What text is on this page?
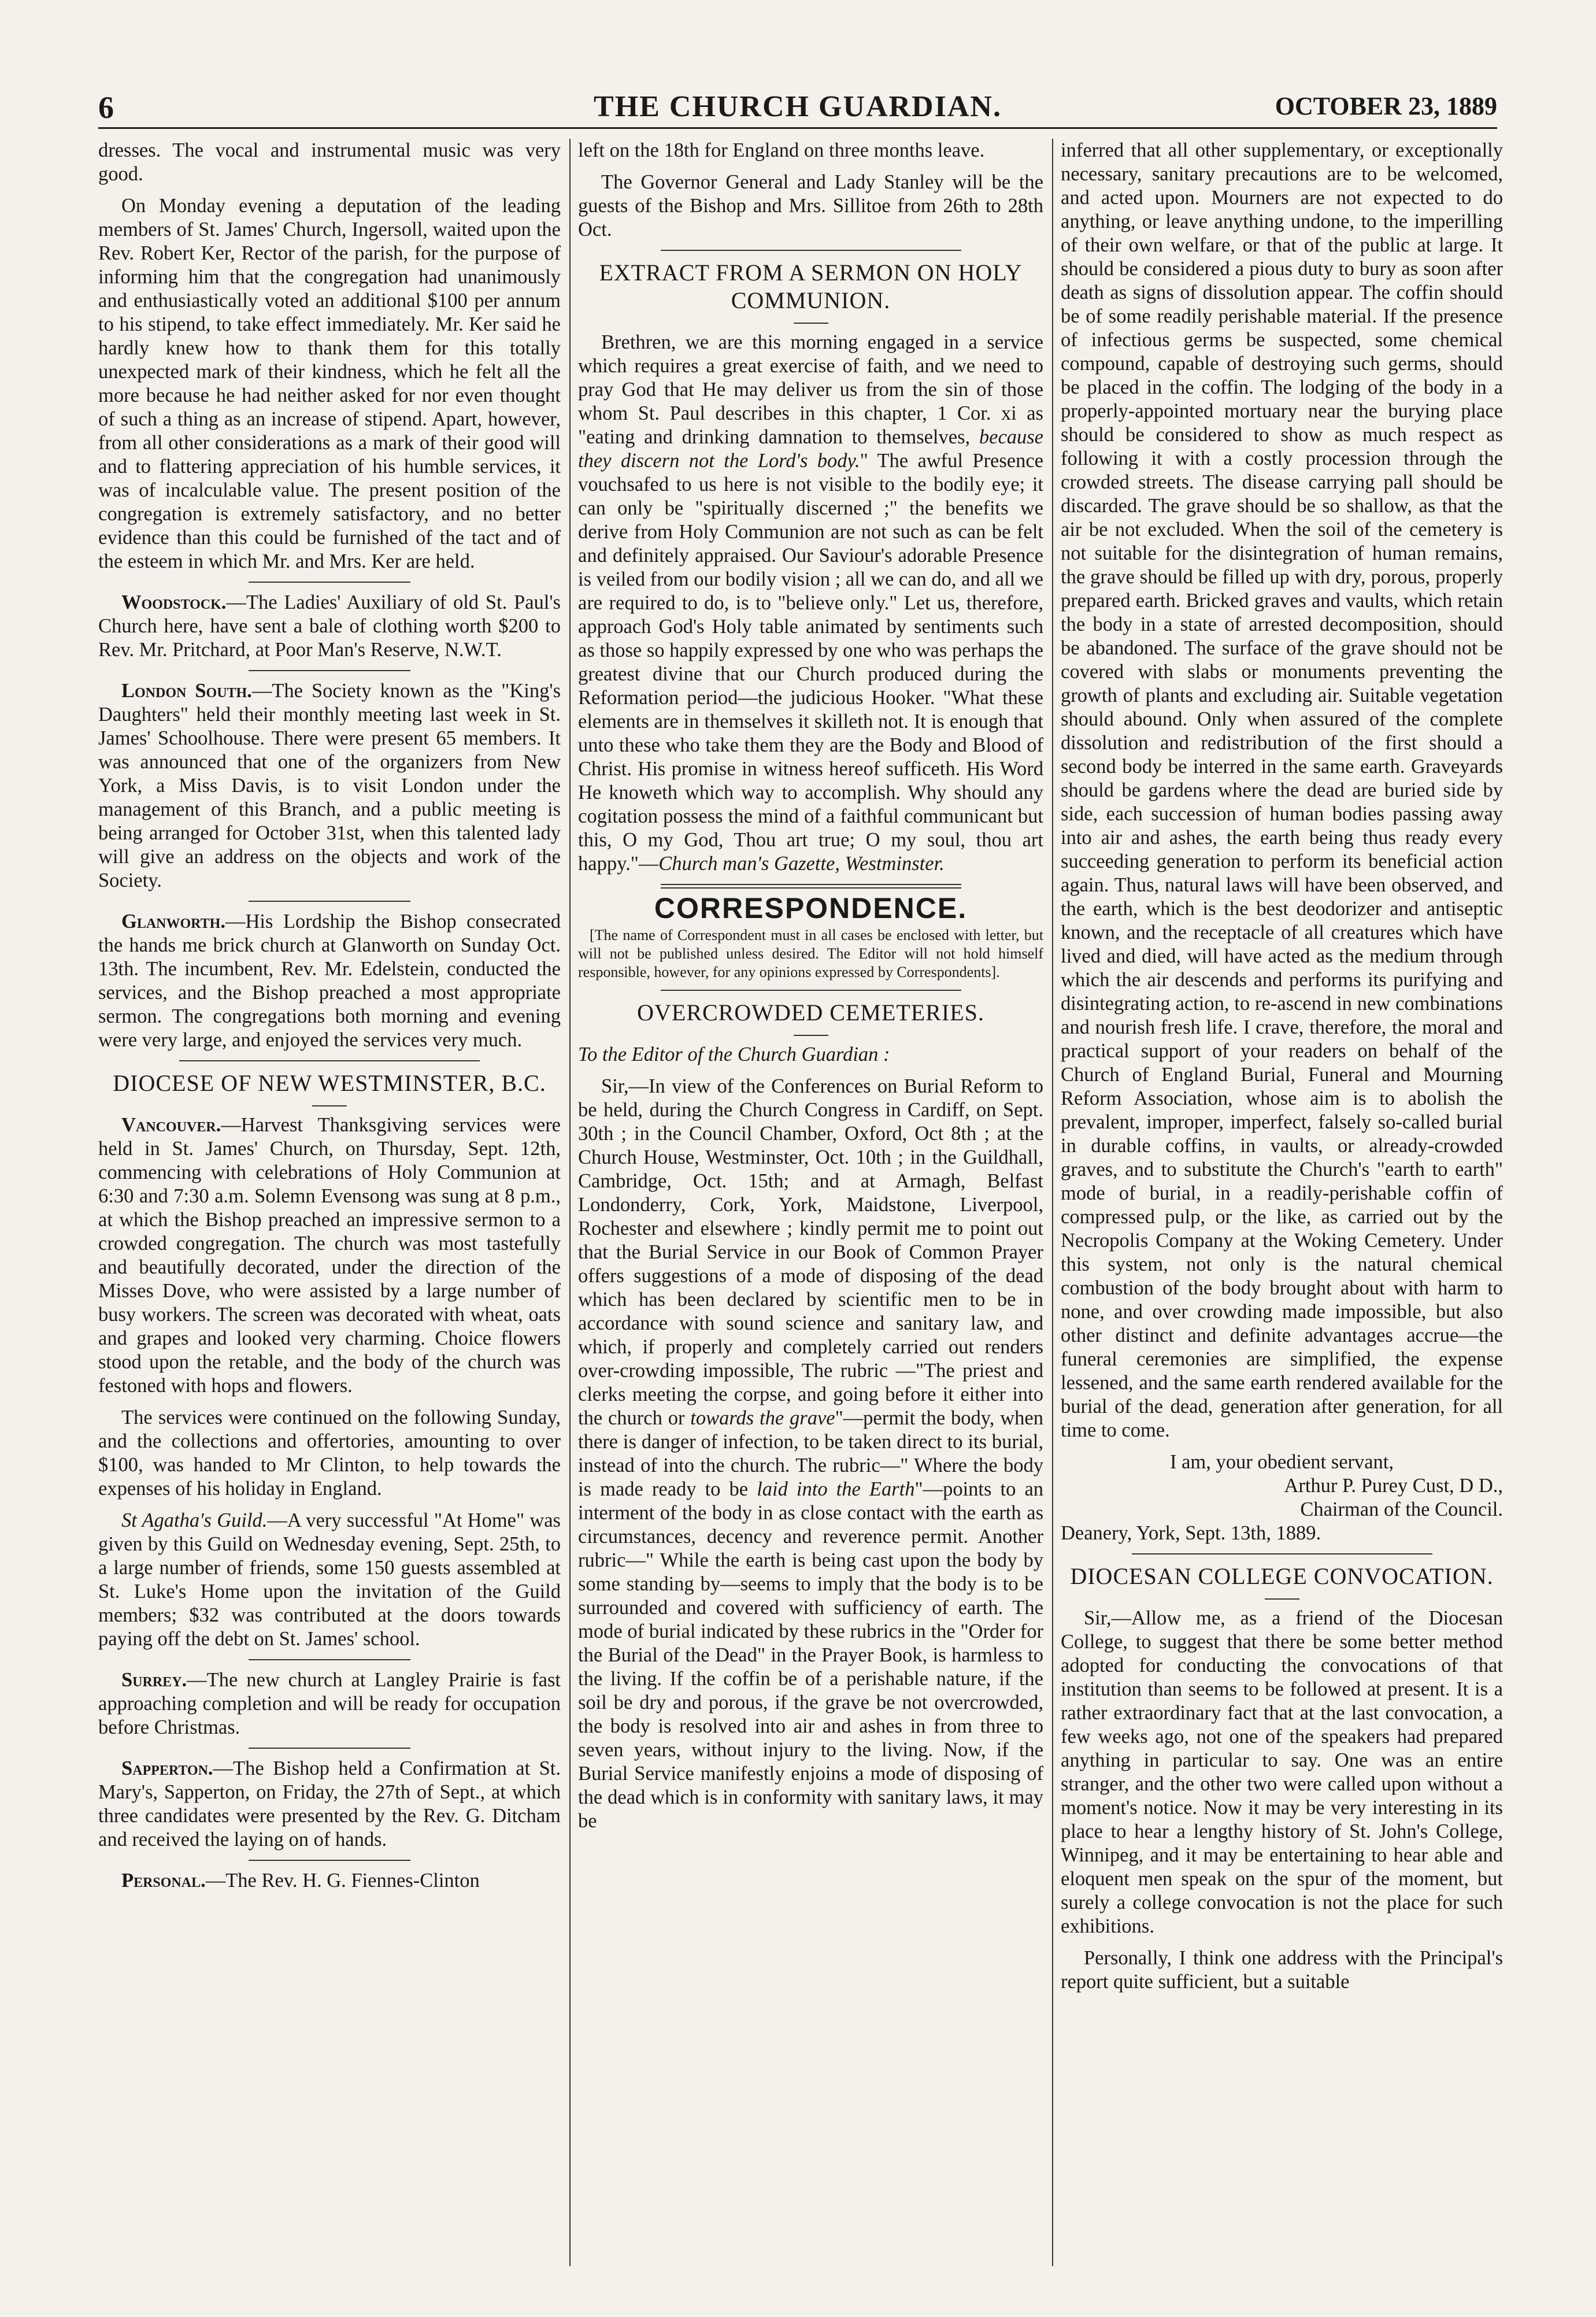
6	THE CHURCH GUARDIAN.	OCTOBER 23, 1889

dresses. The vocal and instrumental music was very good.

On Monday evening a deputation of the leading members of St. James' Church, Ingersoll, waited upon the Rev. Robert Ker, Rector of the parish, for the purpose of informing him that the congregation had unanimously and enthusiastically voted an additional $100 per annum to his stipend, to take effect immediately. Mr. Ker said he hardly knew how to thank them for this totally unexpected mark of their kindness, which he felt all the more because he had neither asked for nor even thought of such a thing as an increase of stipend. Apart, however, from all other considerations as a mark of their good will and to flattering appreciation of his humble services, it was of incalculable value. The present position of the congregation is extremely satisfactory, and no better evidence than this could be furnished of the tact and of the esteem in which Mr. and Mrs. Ker are held.

Woodstock.—The Ladies' Auxiliary of old St. Paul's Church here, have sent a bale of clothing worth $200 to Rev. Mr. Pritchard, at Poor Man's Reserve, N.W.T.

London South.—The Society known as the "King's Daughters" held their monthly meeting last week in St. James' Schoolhouse. There were present 65 members. It was announced that one of the organizers from New York, a Miss Davis, is to visit London under the management of this Branch, and a public meeting is being arranged for October 31st, when this talented lady will give an address on the objects and work of the Society.

Glanworth.—His Lordship the Bishop consecrated the hands me brick church at Glanworth on Sunday Oct. 13th. The incumbent, Rev. Mr. Edelstein, conducted the services, and the Bishop preached a most appropriate sermon. The congregations both morning and evening were very large, and enjoyed the services very much.

DIOCESE OF NEW WESTMINSTER, B.C.

Vancouver.—Harvest Thanksgiving services were held in St. James' Church, on Thursday, Sept. 12th, commencing with celebrations of Holy Communion at 6:30 and 7:30 a.m. Solemn Evensong was sung at 8 p.m., at which the Bishop preached an impressive sermon to a crowded congregation. The church was most tastefully and beautifully decorated, under the direction of the Misses Dove, who were assisted by a large number of busy workers. The screen was decorated with wheat, oats and grapes and looked very charming. Choice flowers stood upon the retable, and the body of the church was festoned with hops and flowers.

The services were continued on the following Sunday, and the collections and offertories, amounting to over $100, was handed to Mr Clinton, to help towards the expenses of his holiday in England.

St Agatha's Guild.—A very successful "At Home" was given by this Guild on Wednesday evening, Sept. 25th, to a large number of friends, some 150 guests assembled at St. Luke's Home upon the invitation of the Guild members; $32 was contributed at the doors towards paying off the debt on St. James' school.

Surrey.—The new church at Langley Prairie is fast approaching completion and will be ready for occupation before Christmas.

Sapperton.—The Bishop held a Confirmation at St. Mary's, Sapperton, on Friday, the 27th of Sept., at which three candidates were presented by the Rev. G. Ditcham and received the laying on of hands.

Personal.—The Rev. H. G. Fiennes-Clinton

left on the 18th for England on three months leave.

The Governor General and Lady Stanley will be the guests of the Bishop and Mrs. Sillitoe from 26th to 28th Oct.

EXTRACT FROM A SERMON ON HOLY COMMUNION.

Brethren, we are this morning engaged in a service which requires a great exercise of faith, and we need to pray God that He may deliver us from the sin of those whom St. Paul describes in this chapter, 1 Cor. xi as "eating and drinking damnation to themselves, because they discern not the Lord's body." The awful Presence vouchsafed to us here is not visible to the bodily eye; it can only be "spiritually discerned ;" the benefits we derive from Holy Communion are not such as can be felt and definitely appraised. Our Saviour's adorable Presence is veiled from our bodily vision ; all we can do, and all we are required to do, is to "believe only." Let us, therefore, approach God's Holy table animated by sentiments such as those so happily expressed by one who was perhaps the greatest divine that our Church produced during the Reformation period—the judicious Hooker. "What these elements are in themselves it skilleth not. It is enough that unto these who take them they are the Body and Blood of Christ. His promise in witness hereof sufficeth. His Word He knoweth which way to accomplish. Why should any cogitation possess the mind of a faithful communicant but this, O my God, Thou art true; O my soul, thou art happy."—Church man's Gazette, Westminster.

CORRESPONDENCE.

[The name of Correspondent must in all cases be enclosed with letter, but will not be published unless desired. The Editor will not hold himself responsible, however, for any opinions expressed by Correspondents].

OVERCROWDED CEMETERIES.

To the Editor of the Church Guardian :

Sir,—In view of the Conferences on Burial Reform to be held, during the Church Congress in Cardiff, on Sept. 30th ; in the Council Chamber, Oxford, Oct 8th ; at the Church House, Westminster, Oct. 10th ; in the Guildhall, Cambridge, Oct. 15th; and at Armagh, Belfast Londonderry, Cork, York, Maidstone, Liverpool, Rochester and elsewhere ; kindly permit me to point out that the Burial Service in our Book of Common Prayer offers suggestions of a mode of disposing of the dead which has been declared by scientific men to be in accordance with sound science and sanitary law, and which, if properly and completely carried out renders over-crowding impossible, The rubric —"The priest and clerks meeting the corpse, and going before it either into the church or towards the grave"—permit the body, when there is danger of infection, to be taken direct to its burial, instead of into the church. The rubric—" Where the body is made ready to be laid into the Earth"—points to an interment of the body in as close contact with the earth as circumstances, decency and reverence permit. Another rubric—" While the earth is being cast upon the body by some standing by—seems to imply that the body is to be surrounded and covered with sufficiency of earth. The mode of burial indicated by these rubrics in the "Order for the Burial of the Dead" in the Prayer Book, is harmless to the living. If the coffin be of a perishable nature, if the soil be dry and porous, if the grave be not overcrowded, the body is resolved into air and ashes in from three to seven years, without injury to the living. Now, if the Burial Service manifestly enjoins a mode of disposing of the dead which is in conformity with sanitary laws, it may be

inferred that all other supplementary, or exceptionally necessary, sanitary precautions are to be welcomed, and acted upon. Mourners are not expected to do anything, or leave anything undone, to the imperilling of their own welfare, or that of the public at large. It should be considered a pious duty to bury as soon after death as signs of dissolution appear. The coffin should be of some readily perishable material. If the presence of infectious germs be suspected, some chemical compound, capable of destroying such germs, should be placed in the coffin. The lodging of the body in a properly-appointed mortuary near the burying place should be considered to show as much respect as following it with a costly procession through the crowded streets. The disease carrying pall should be discarded. The grave should be so shallow, as that the air be not excluded. When the soil of the cemetery is not suitable for the disintegration of human remains, the grave should be filled up with dry, porous, properly prepared earth. Bricked graves and vaults, which retain the body in a state of arrested decomposition, should be abandoned. The surface of the grave should not be covered with slabs or monuments preventing the growth of plants and excluding air. Suitable vegetation should abound. Only when assured of the complete dissolution and redistribution of the first should a second body be interred in the same earth. Graveyards should be gardens where the dead are buried side by side, each succession of human bodies passing away into air and ashes, the earth being thus ready every succeeding generation to perform its beneficial action again. Thus, natural laws will have been observed, and the earth, which is the best deodorizer and antiseptic known, and the receptacle of all creatures which have lived and died, will have acted as the medium through which the air descends and performs its purifying and disintegrating action, to re-ascend in new combinations and nourish fresh life. I crave, therefore, the moral and practical support of your readers on behalf of the Church of England Burial, Funeral and Mourning Reform Association, whose aim is to abolish the prevalent, improper, imperfect, falsely so-called burial in durable coffins, in vaults, or already-crowded graves, and to substitute the Church's "earth to earth" mode of burial, in a readily-perishable coffin of compressed pulp, or the like, as carried out by the Necropolis Company at the Woking Cemetery. Under this system, not only is the natural chemical combustion of the body brought about with harm to none, and over crowding made impossible, but also other distinct and definite advantages accrue—the funeral ceremonies are simplified, the expense lessened, and the same earth rendered available for the burial of the dead, generation after generation, for all time to come.

I am, your obedient servant,

Arthur P. Purey Cust, D D.,

Chairman of the Council.

Deanery, York, Sept. 13th, 1889.

DIOCESAN COLLEGE CONVOCATION.

Sir,—Allow me, as a friend of the Diocesan College, to suggest that there be some better method adopted for conducting the convocations of that institution than seems to be followed at present. It is a rather extraordinary fact that at the last convocation, a few weeks ago, not one of the speakers had prepared anything in particular to say. One was an entire stranger, and the other two were called upon without a moment's notice. Now it may be very interesting in its place to hear a lengthy history of St. John's College, Winnipeg, and it may be entertaining to hear able and eloquent men speak on the spur of the moment, but surely a college convocation is not the place for such exhibitions.

Personally, I think one address with the Principal's report quite sufficient, but a suitable
